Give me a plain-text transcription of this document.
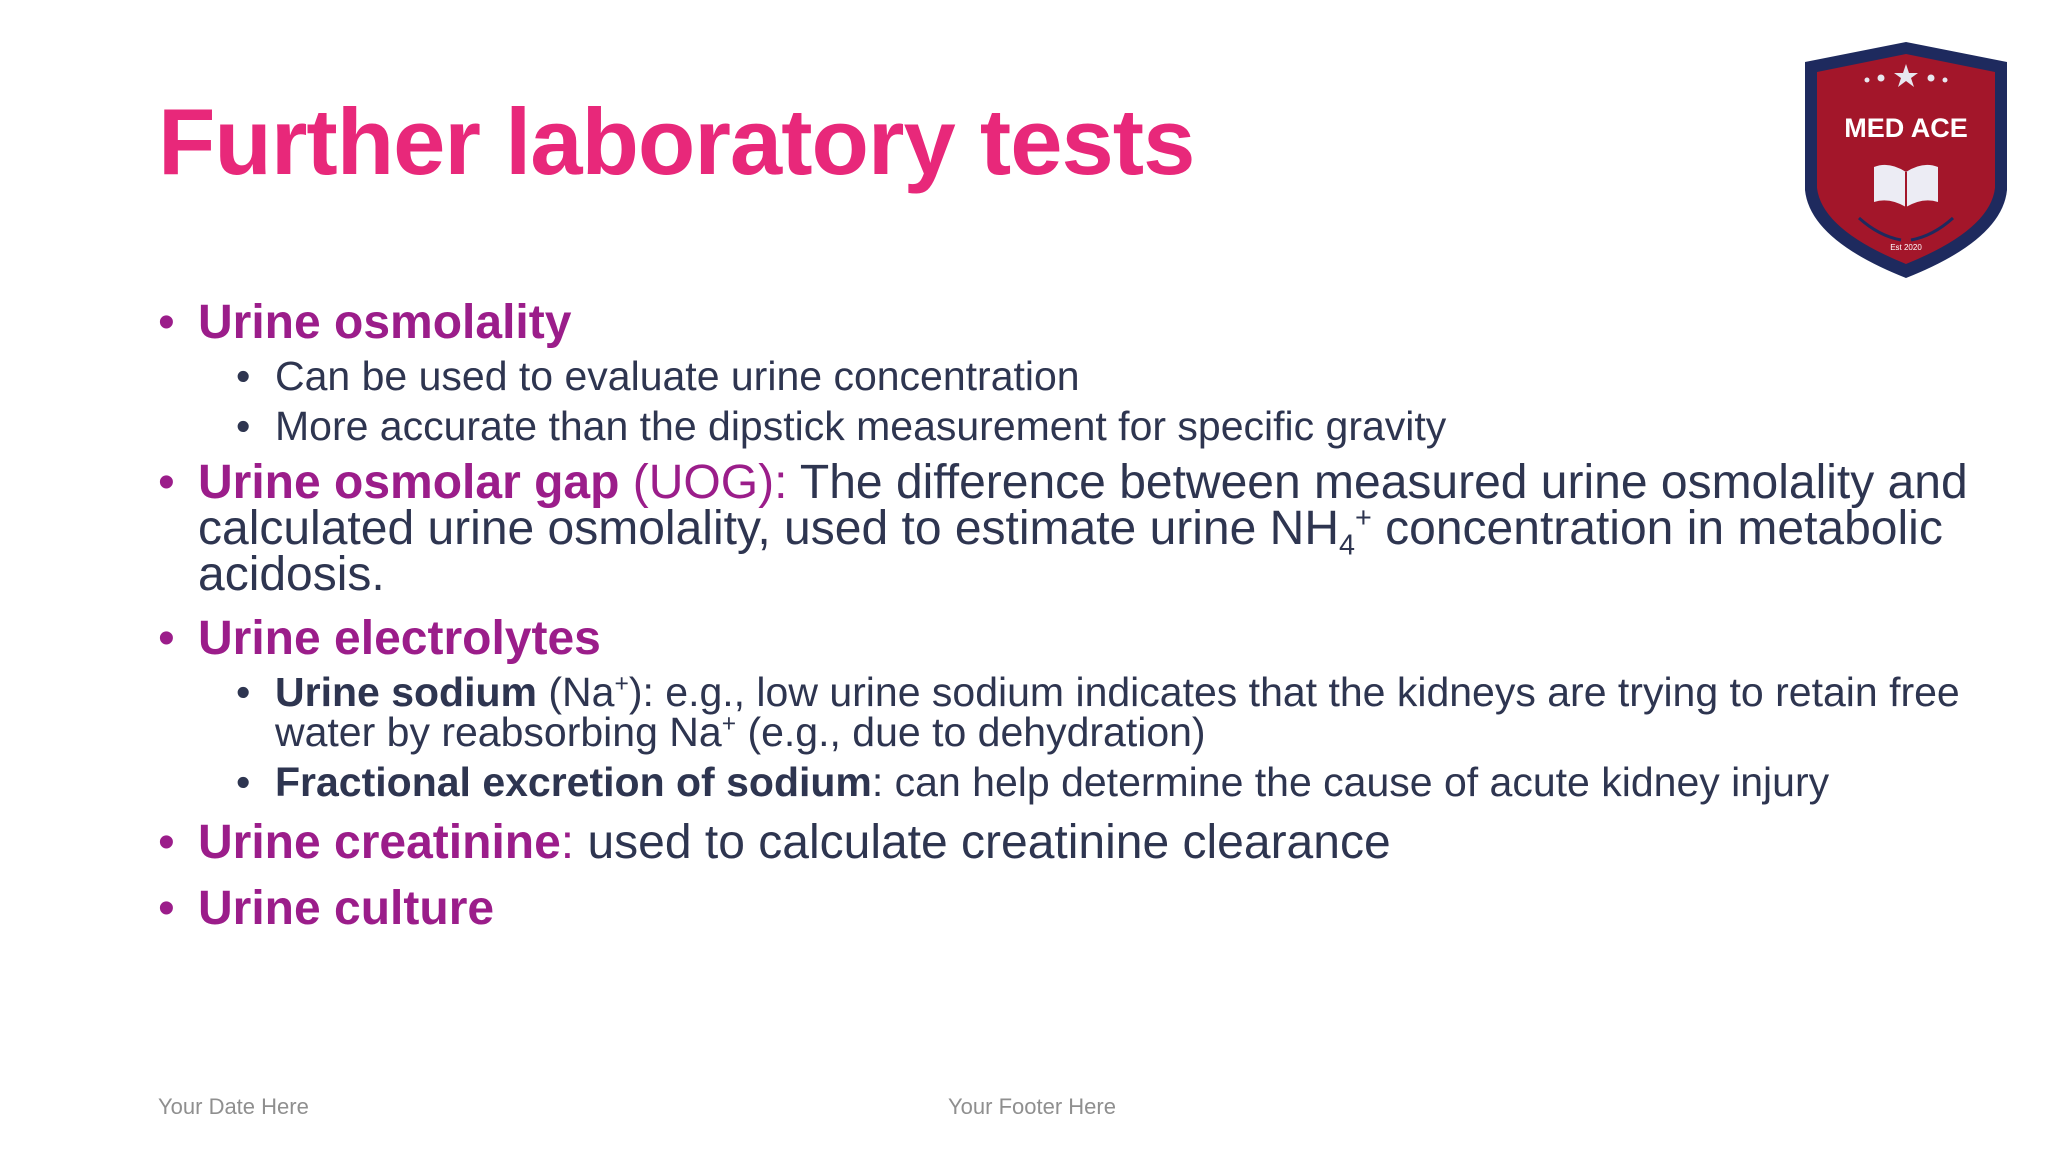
Further laboratory tests	MED ACE
Est 2020
• Urine osmolality
• Can be used to evaluate urine concentration
• More accurate than the dipstick measurement for specific gravity
• Urine osmolar gap (UOG): The difference between measured urine osmolality and calculated urine osmolality, used to estimate urine $NH_4^+$ concentration in metabolic acidosis.
• Urine electrolytes
• Urine sodium (Na+): e.g., low urine sodium indicates that the kidneys are trying to retain free water by reabsorbing Na+ (e.g., due to dehydration)
• Fractional excretion of sodium: can help determine the cause of acute kidney injury
• Urine creatinine: used to calculate creatinine clearance
• Urine culture
Your Date Here	Your Footer Here
